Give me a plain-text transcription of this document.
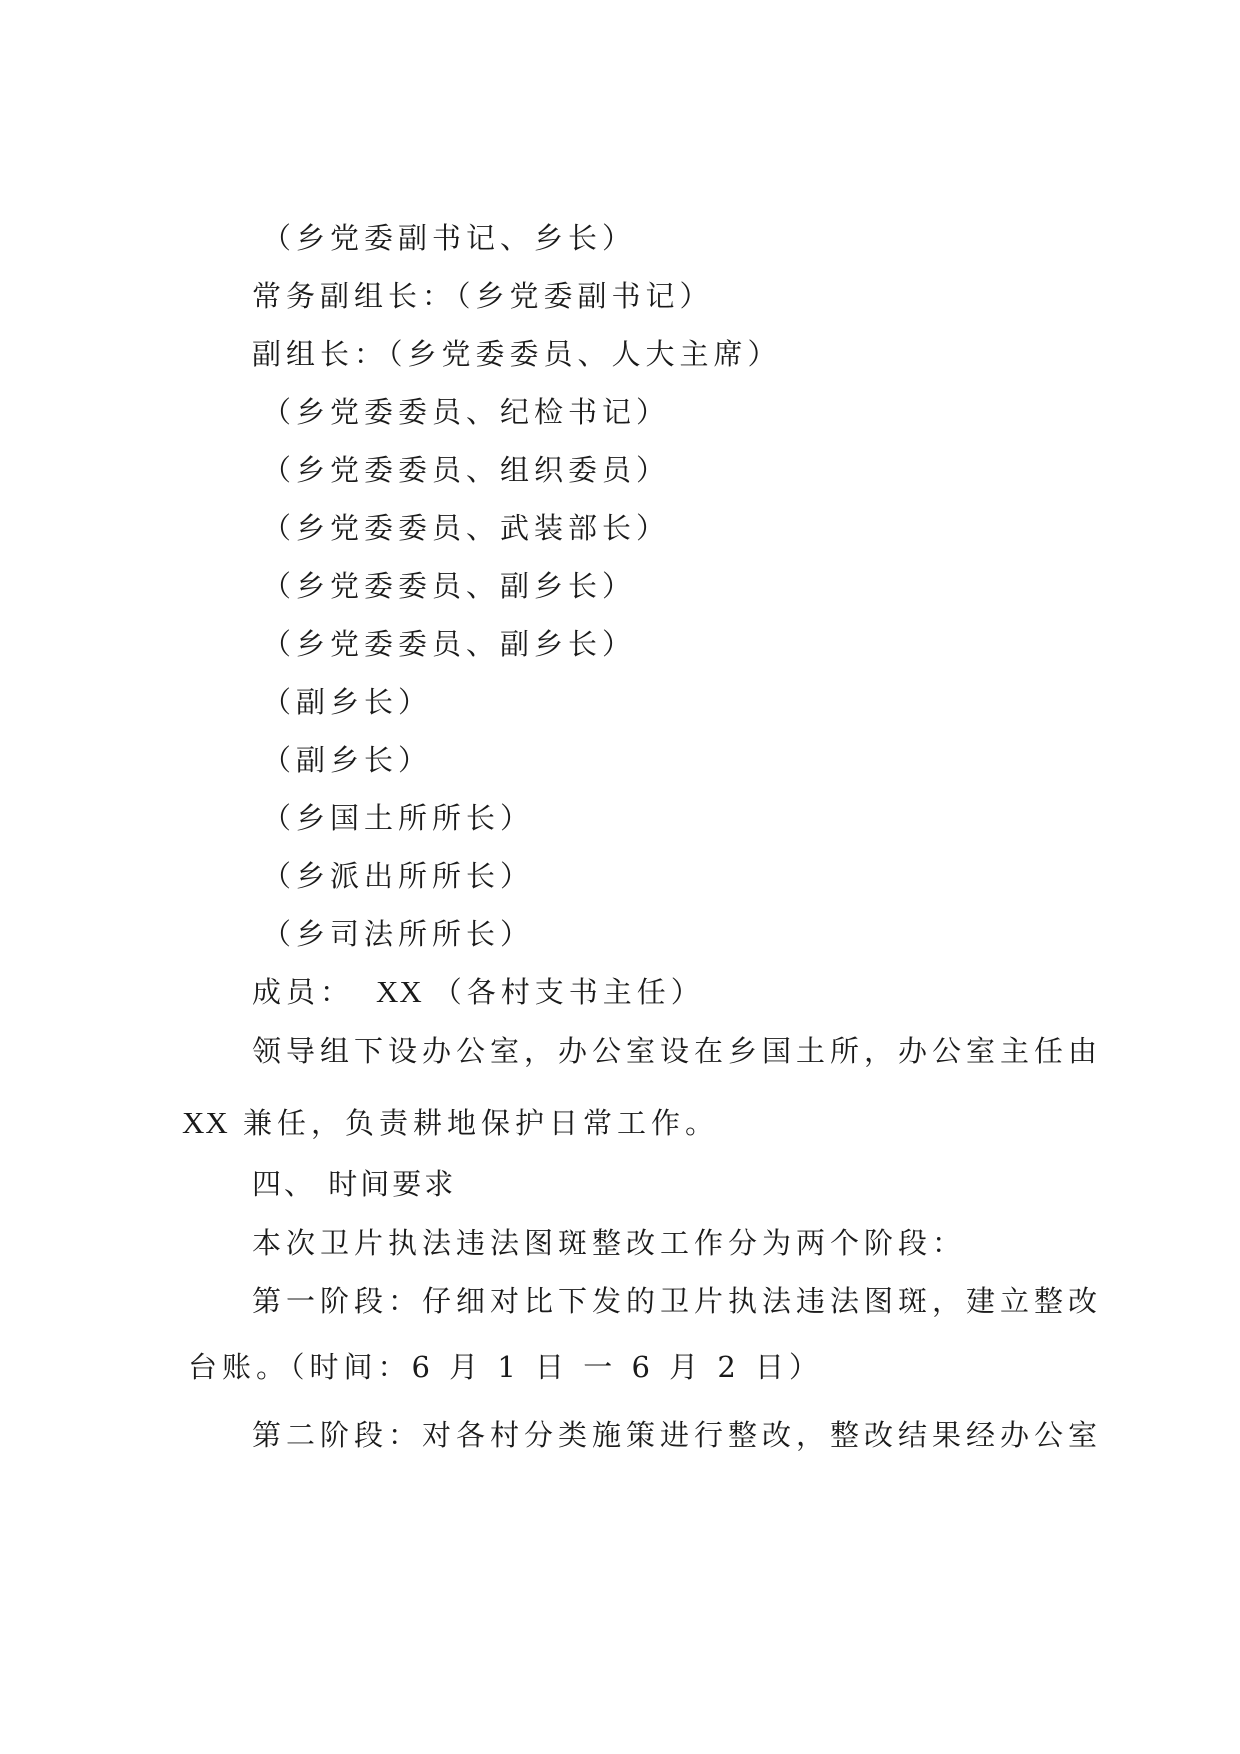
（乡党委副书记、乡长）
常务副组长：（乡党委副书记）
副组长：（乡党委委员、人大主席）
（乡党委委员、纪检书记）
（乡党委委员、组织委员）
（乡党委委员、武装部长）
（乡党委委员、副乡长）
（乡党委委员、副乡长）
（副乡长）
（副乡长）
（乡国土所所长）
（乡派出所所长）
（乡司法所所长）
成员： XX （各村支书主任）
领导组下设办公室，办公室设在乡国土所，办公室主任由
XX 兼任，负责耕地保护日常工作。
四、 时间要求
本次卫片执法违法图斑整改工作分为两个阶段：
第一阶段：仔细对比下发的卫片执法违法图斑，建立整改
台账。（时间：6 月 1 日 一 6 月 2 日）
第二阶段：对各村分类施策进行整改，整改结果经办公室
